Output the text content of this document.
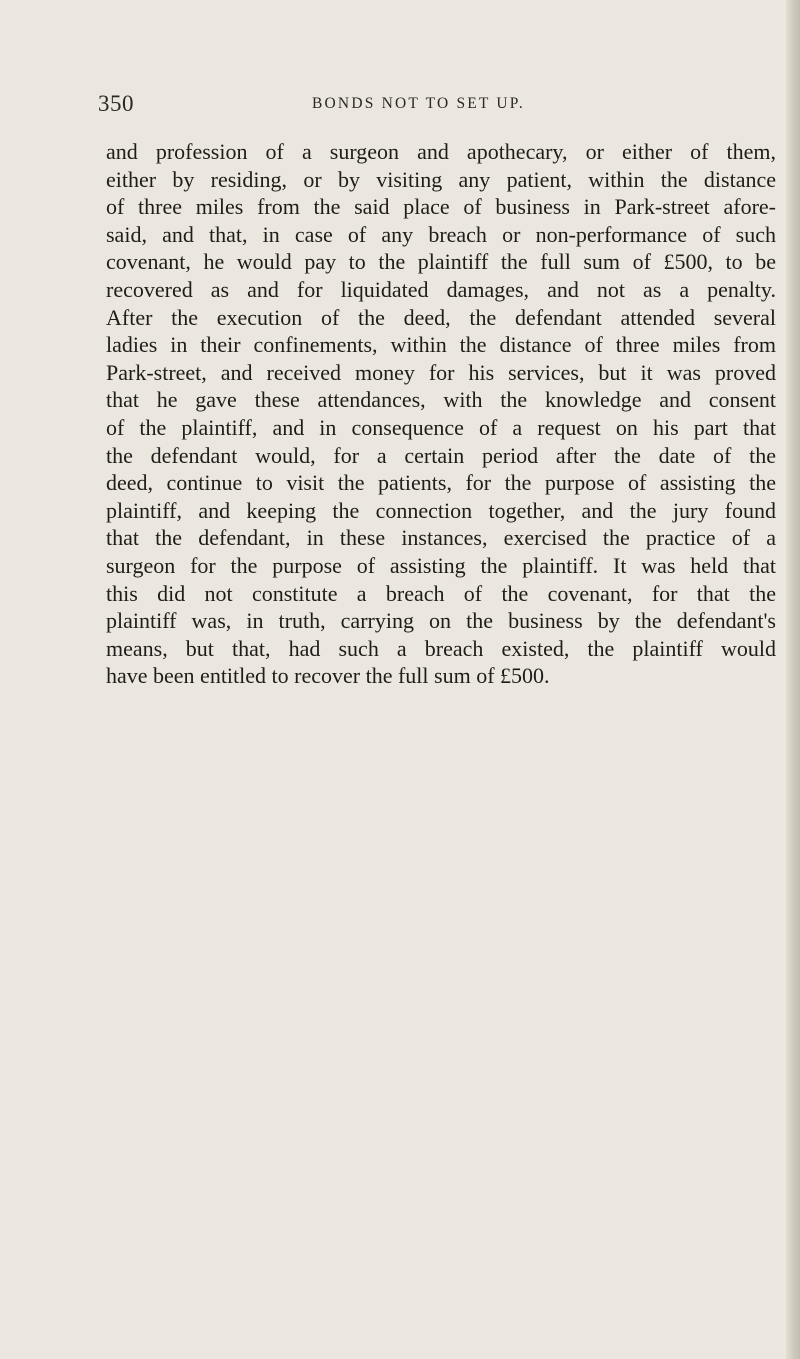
350	BONDS NOT TO SET UP.
and profession of a surgeon and apothecary, or either of them,
either by residing, or by visiting any patient, within the distance
of three miles from the said place of business in Park-street afore-
said, and that, in case of any breach or non-performance of such
covenant, he would pay to the plaintiff the full sum of £500, to be
recovered as and for liquidated damages, and not as a penalty.
After the execution of the deed, the defendant attended several
ladies in their confinements, within the distance of three miles from
Park-street, and received money for his services, but it was proved
that he gave these attendances, with the knowledge and consent
of the plaintiff, and in consequence of a request on his part that
the defendant would, for a certain period after the date of the
deed, continue to visit the patients, for the purpose of assisting the
plaintiff, and keeping the connection together, and the jury found
that the defendant, in these instances, exercised the practice of a
surgeon for the purpose of assisting the plaintiff. It was held that
this did not constitute a breach of the covenant, for that the
plaintiff was, in truth, carrying on the business by the defendant's
means, but that, had such a breach existed, the plaintiff would
have been entitled to recover the full sum of £500.
